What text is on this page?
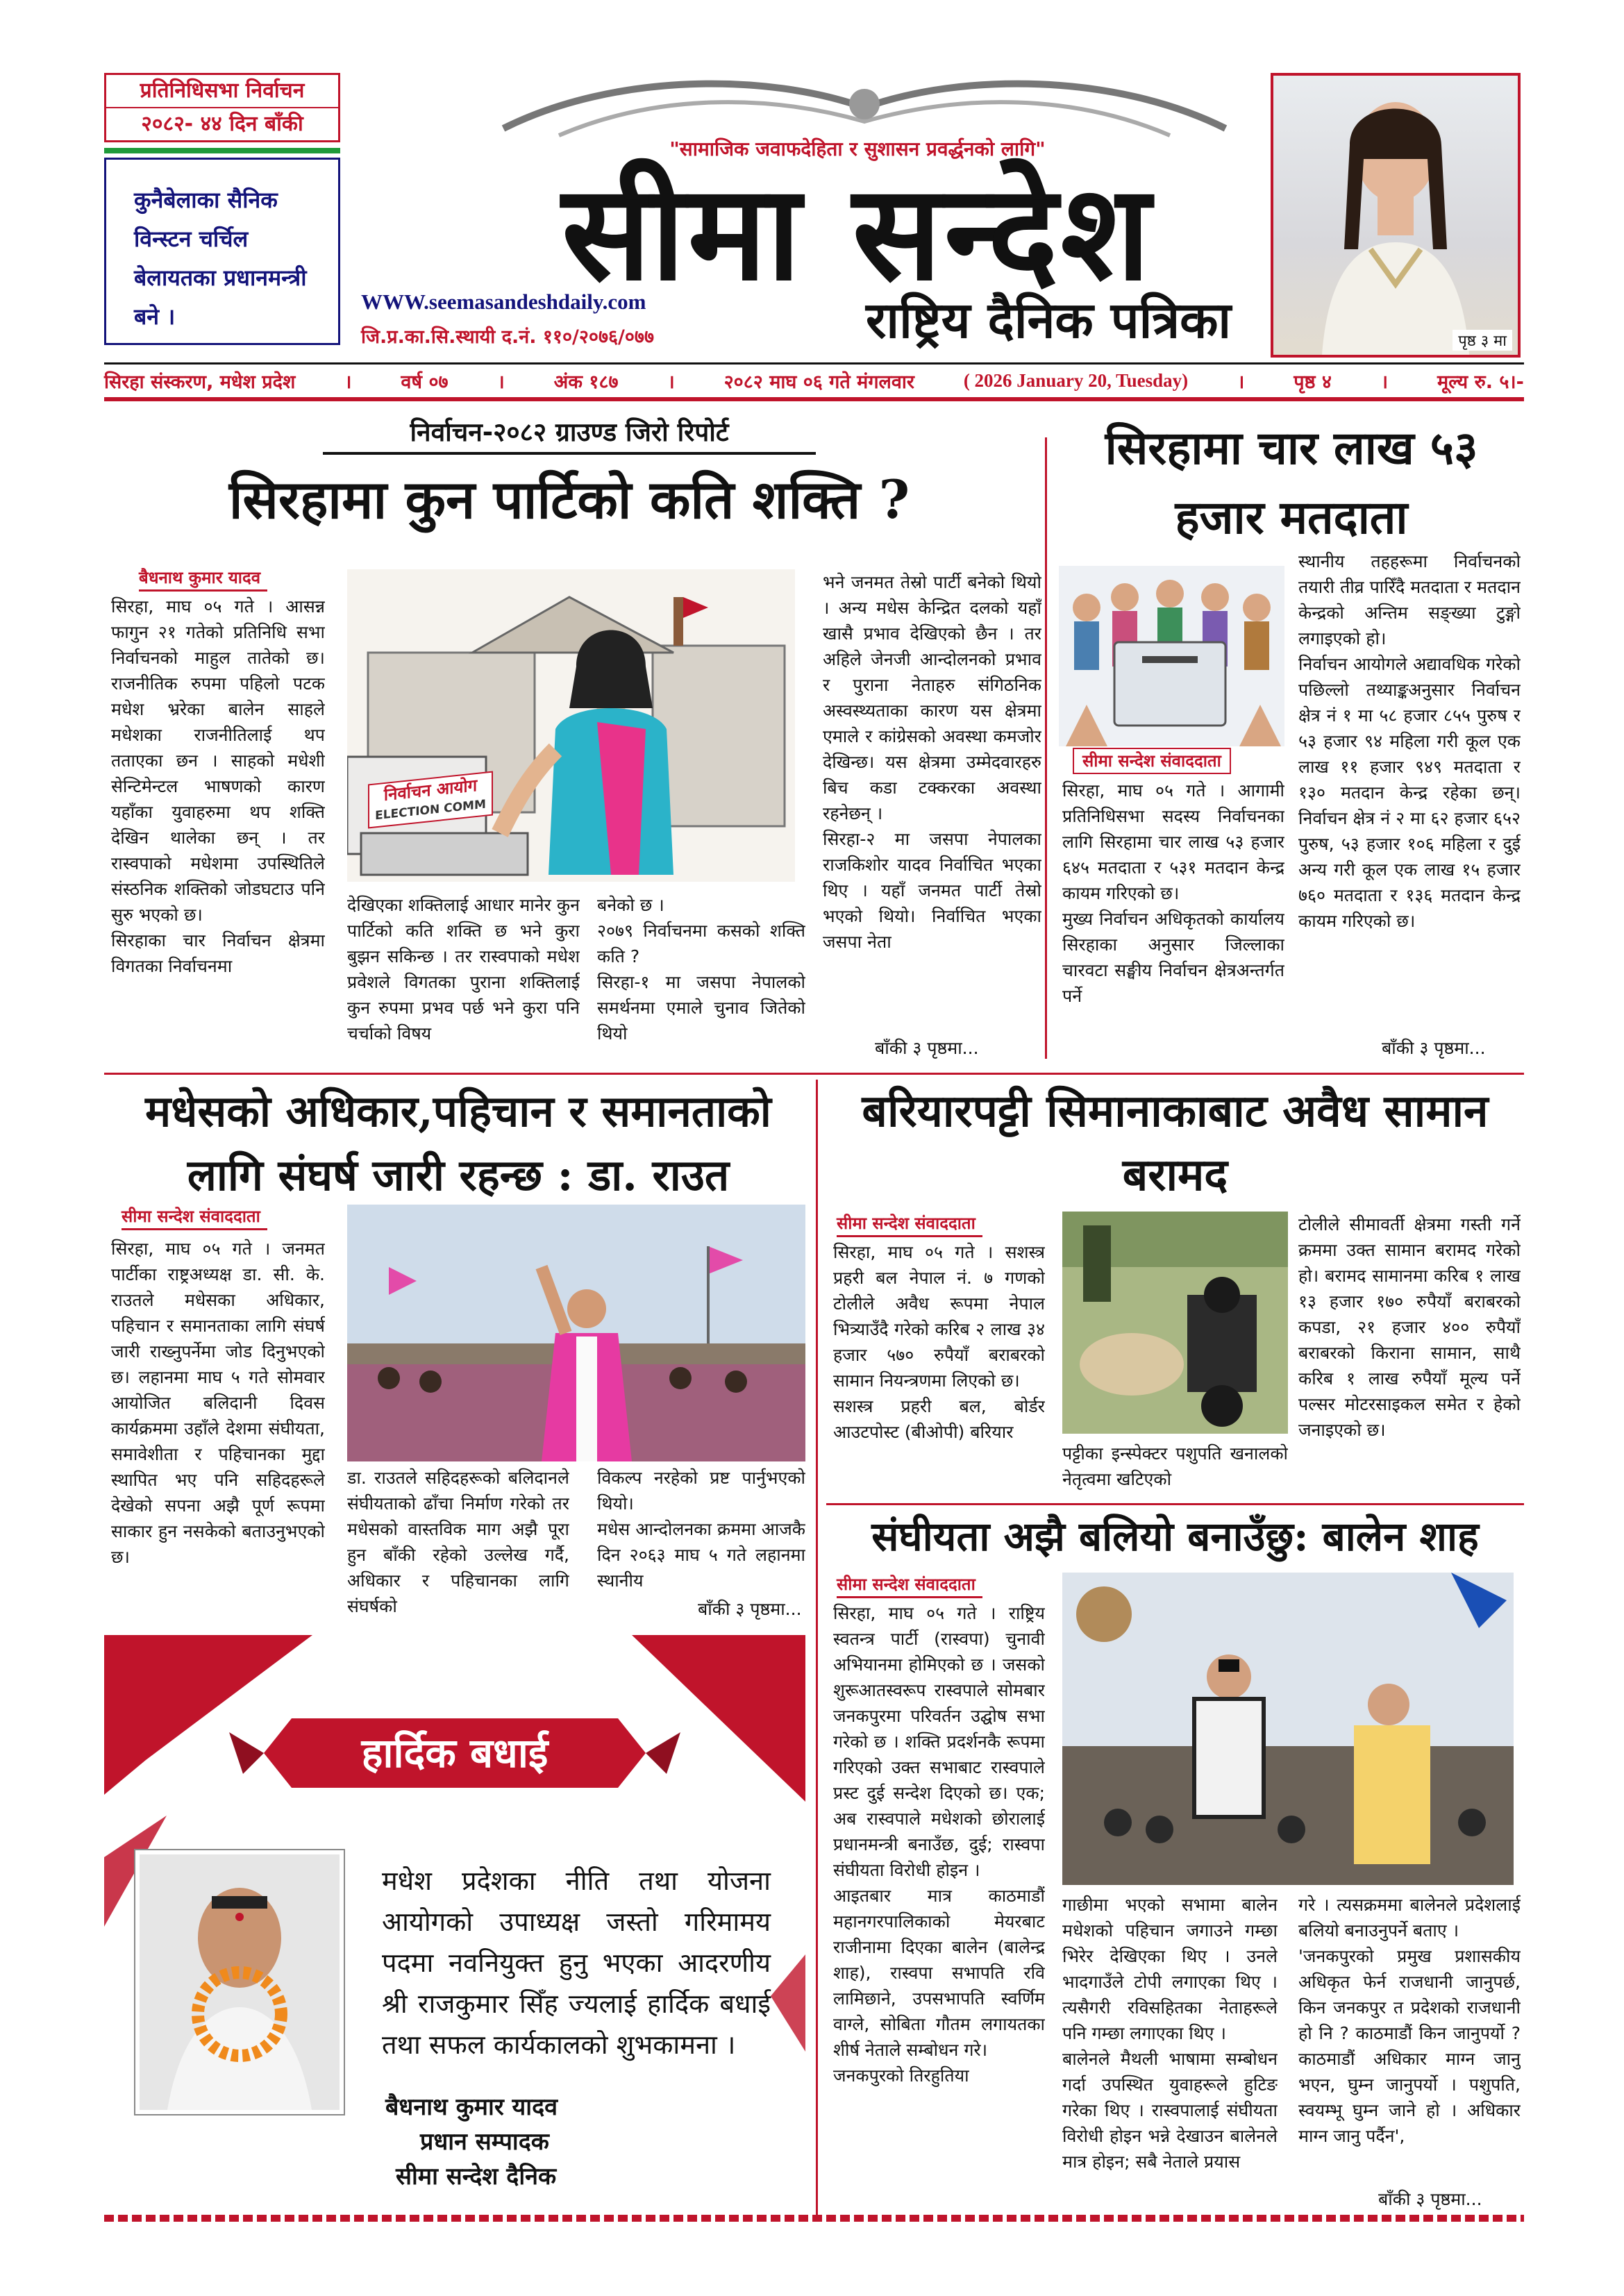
प्रतिनिधिसभा निर्वाचन
२०८२- ४४ दिन बाँकी
कुनैबेलाका सैनिक विन्स्टन चर्चिल बेलायतका प्रधानमन्त्री बने ।
"सामाजिक जवाफदेहिता र सुशासन प्रवर्द्धनको लागि"
सीमा सन्देश
WWW.seemasandeshdaily.com
जि.प्र.का.सि.स्थायी द.नं. ११०/२०७६/०७७	राष्ट्रिय दैनिक पत्रिका	पृष्ठ ३ मा
सिरहा संस्करण, मधेश प्रदेश	।	वर्ष ०७	।	अंक १८७	।	२०८२ माघ ०६ गते मंगलवार	( 2026 January 20, Tuesday)	।	पृष्ठ ४	।	मूल्य रु. ५।-
निर्वाचन-२०८२ ग्राउण्ड जिरो रिपोर्ट
सिरहामा कुन पार्टिको कति शक्ति ?
बैधनाथ कुमार यादव
सिरहा, माघ ०५ गते । आसन्न फागुन २१ गतेको प्रतिनिधि सभा निर्वाचनको माहुल तातेको छ। राजनीतिक रुपमा पहिलो पटक मधेश भ्ररेका बालेन साहले मधेशका राजनीतिलाई थप तताएका छन । साहको मधेशी सेन्टिमेन्टल भाषणको कारण यहाँका युवाहरुमा थप शक्ति देखिन थालेका छन् । तर रास्वपाको मधेशमा उपस्थितिले संस्ठनिक शक्तिको जोडघटाउ पनि सुरु भएको छ।
सिरहाका चार निर्वाचन क्षेत्रमा विगतका निर्वाचनमा
निर्वाचन आयोग
ELECTION COMM
देखिएका शक्तिलाई आधार मानेर कुन पार्टिको कति शक्ति छ भने कुरा बुझन सकिन्छ । तर रास्वपाको मधेश प्रवेशले विगतका पुराना शक्तिलाई कुन रुपमा प्रभव पर्छ भने कुरा पनि चर्चाको विषय
बनेको छ ।
२०७९ निर्वाचनमा कसको शक्ति कति ?
सिरहा-१ मा जसपा नेपालको समर्थनमा एमाले चुनाव जितेको थियो
भने जनमत तेस्रो पार्टी बनेको थियो । अन्य मधेस केन्द्रित दलको यहाँ खासै प्रभाव देखिएको छैन । तर अहिले जेनजी आन्दोलनको प्रभाव र पुराना नेताहरु संगिठनिक अस्वस्थ्यताका कारण यस क्षेत्रमा एमाले र कांग्रेसको अवस्था कमजोर देखिन्छ। यस क्षेत्रमा उम्मेदवारहरु बिच कडा टक्करका अवस्था रहनेछन् ।
सिरहा-२ मा जसपा नेपालका राजकिशोर यादव निर्वाचित भएका थिए । यहाँ जनमत पार्टी तेस्रो भएको थियो। निर्वाचित भएका जसपा नेता
बाँकी ३ पृष्ठमा...
सिरहामा चार लाख ५३ हजार मतदाता
सीमा सन्देश संवाददाता
सिरहा, माघ ०५ गते । आगामी प्रतिनिधिसभा सदस्य निर्वाचनका लागि सिरहामा चार लाख ५३ हजार ६४५ मतदाता र ५३१ मतदान केन्द्र कायम गरिएको छ।
मुख्य निर्वाचन अधिकृतको कार्यालय सिरहाका अनुसार जिल्लाका चारवटा सङ्घीय निर्वाचन क्षेत्रअन्तर्गत पर्ने
स्थानीय तहहरूमा निर्वाचनको तयारी तीव्र पारिँदै मतदाता र मतदान केन्द्रको अन्तिम सङ्ख्या टुङ्गो लगाइएको हो।
निर्वाचन आयोगले अद्यावधिक गरेको पछिल्लो तथ्याङ्कअनुसार निर्वाचन क्षेत्र नं १ मा ५८ हजार ८५५ पुरुष र ५३ हजार ९४ महिला गरी कूल एक लाख ११ हजार ९४९ मतदाता र १३० मतदान केन्द्र रहेका छन्। निर्वाचन क्षेत्र नं २ मा ६२ हजार ६५२ पुरुष, ५३ हजार १०६ महिला र दुई अन्य गरी कूल एक लाख १५ हजार ७६० मतदाता र १३६ मतदान केन्द्र कायम गरिएको छ।
बाँकी ३ पृष्ठमा...
मधेसको अधिकार,पहिचान र समानताको लागि संघर्ष जारी रहन्छ : डा. राउत
सीमा सन्देश संवाददाता
सिरहा, माघ ०५ गते । जनमत पार्टीका राष्ट्रअध्यक्ष डा. सी. के. राउतले मधेसका अधिकार, पहिचान र समानताका लागि संघर्ष जारी राख्नुपर्नेमा जोड दिनुभएको छ। लहानमा माघ ५ गते सोमवार आयोजित बलिदानी दिवस कार्यक्रममा उहाँले देशमा संघीयता, समावेशीता र पहिचानका मुद्दा स्थापित भए पनि सहिदहरूले देखेको सपना अझै पूर्ण रूपमा साकार हुन नसकेको बताउनुभएको छ।
डा. राउतले सहिदहरूको बलिदानले संघीयताको ढाँचा निर्माण गरेको तर मधेसको वास्तविक माग अझै पूरा हुन बाँकी रहेको उल्लेख गर्दै, अधिकार र पहिचानका लागि संघर्षको
विकल्प नरहेको प्रष्ट पार्नुभएको थियो।
मधेस आन्दोलनका क्रममा आजकै दिन २०६३ माघ ५ गते लहानमा स्थानीय
बाँकी ३ पृष्ठमा...
बरियारपट्टी सिमानाकाबाट अवैध सामान बरामद
सीमा सन्देश संवाददाता
सिरहा, माघ ०५ गते । सशस्त्र प्रहरी बल नेपाल नं. ७ गणको टोलीले अवैध रूपमा नेपाल भित्र्याउँदै गरेको करिब २ लाख ३४ हजार ५७० रुपैयाँ बराबरको सामान नियन्त्रणमा लिएको छ।
सशस्त्र प्रहरी बल, बोर्डर आउटपोस्ट (बीओपी) बरियार
पट्टीका इन्स्पेक्टर पशुपति खनालको नेतृत्वमा खटिएको
टोलीले सीमावर्ती क्षेत्रमा गस्ती गर्ने क्रममा उक्त सामान बरामद गरेको हो। बरामद सामानमा करिब १ लाख १३ हजार १७० रुपैयाँ बराबरको कपडा, २१ हजार ४०० रुपैयाँ बराबरको किराना सामान, साथै करिब १ लाख रुपैयाँ मूल्य पर्ने पल्सर मोटरसाइकल समेत र हेको जनाइएको छ।
संघीयता अझै बलियो बनाउँछु: बालेन शाह
सीमा सन्देश संवाददाता
सिरहा, माघ ०५ गते । राष्ट्रिय स्वतन्त्र पार्टी (रास्वपा) चुनावी अभियानमा होमिएको छ । जसको शुरूआतस्वरूप रास्वपाले सोमबार जनकपुरमा परिवर्तन उद्घोष सभा गरेको छ । शक्ति प्रदर्शनकै रूपमा गरिएको उक्त सभाबाट रास्वपाले प्रस्ट दुई सन्देश दिएको छ। एक; अब रास्वपाले मधेशको छोरालाई प्रधानमन्त्री बनाउँछ, दुई; रास्वपा संघीयता विरोधी होइन ।
आइतबार मात्र काठमाडौं महानगरपालिकाको मेयरबाट राजीनामा दिएका बालेन (बालेन्द्र शाह), रास्वपा सभापति रवि लामिछाने, उपसभापति स्वर्णिम वाग्ले, सोबिता गौतम लगायतका शीर्ष नेताले सम्बोधन गरे।
जनकपुरको तिरहुतिया
गाछीमा भएको सभामा बालेन मधेशको पहिचान जगाउने गम्छा भिरेर देखिएका थिए । उनले भादगाउँले टोपी लगाएका थिए । त्यसैगरी रविसहितका नेताहरूले पनि गम्छा लगाएका थिए ।
बालेनले मैथली भाषामा सम्बोधन गर्दा उपस्थित युवाहरूले हुटिङ गरेका थिए । रास्वपालाई संघीयता विरोधी होइन भन्ने देखाउन बालेनले मात्र होइन; सबै नेताले प्रयास
गरे । त्यसक्रममा बालेनले प्रदेशलाई बलियो बनाउनुपर्ने बताए ।
'जनकपुरको प्रमुख प्रशासकीय अधिकृत फेर्न राजधानी जानुपर्छ, किन जनकपुर त प्रदेशको राजधानी हो नि ? काठमाडौं किन जानुपर्यो ? काठमाडौं अधिकार माग्न जानु भएन, घुम्न जानुपर्यो । पशुपति, स्वयम्भू घुम्न जाने हो । अधिकार माग्न जानु पर्दैन',
बाँकी ३ पृष्ठमा...
हार्दिक बधाई
मधेश प्रदेशका नीति तथा योजना आयोगको उपाध्यक्ष जस्तो गरिमामय पदमा नवनियुक्त हुनु भएका आदरणीय श्री राजकुमार सिँह ज्यलाई हार्दिक बधाई तथा सफल कार्यकालको शुभकामना ।
बैधनाथ कुमार यादव
प्रधान सम्पादक
सीमा सन्देश दैनिक
